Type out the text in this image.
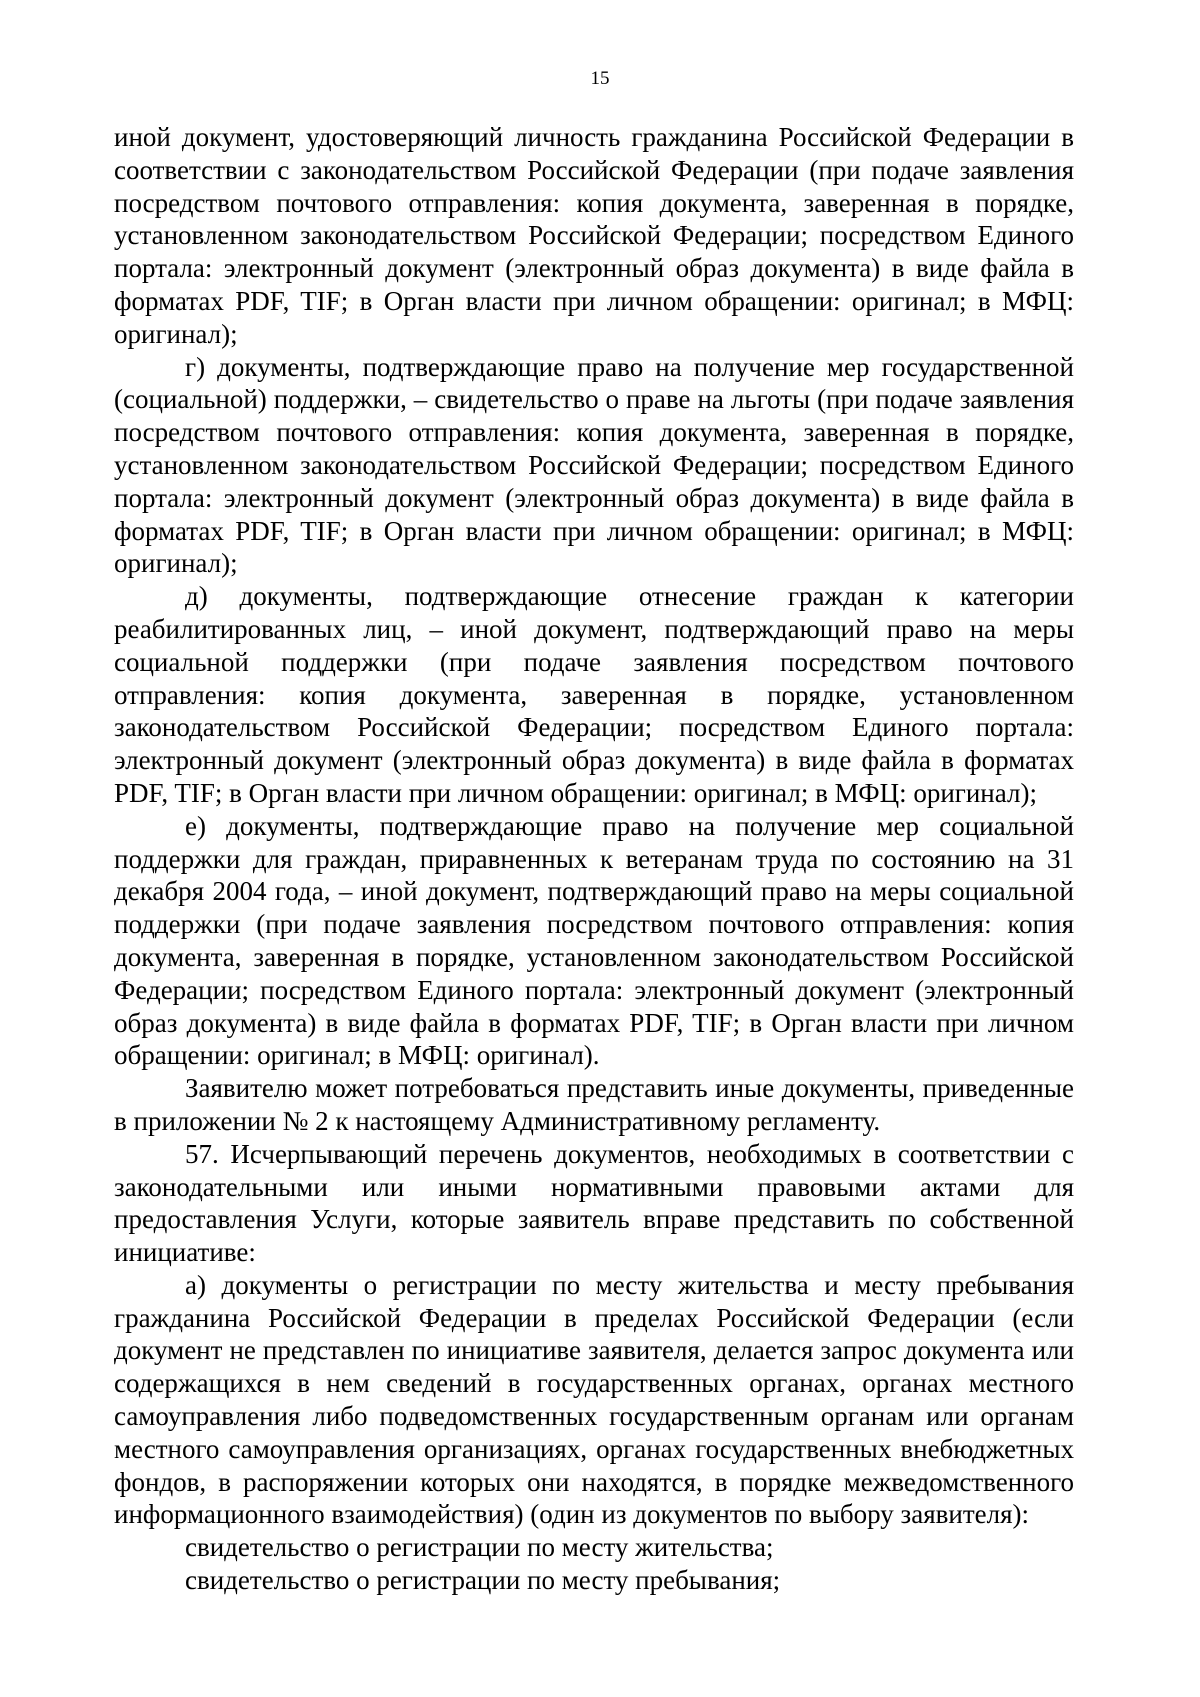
15

иной документ, удостоверяющий личность гражданина Российской Федерации в соответствии с законодательством Российской Федерации (при подаче заявления посредством почтового отправления: копия документа, заверенная в порядке, установленном законодательством Российской Федерации; посредством Единого портала: электронный документ (электронный образ документа) в виде файла в форматах PDF, TIF; в Орган власти при личном обращении: оригинал; в МФЦ: оригинал);

г) документы, подтверждающие право на получение мер государственной (социальной) поддержки, – свидетельство о праве на льготы (при подаче заявления посредством почтового отправления: копия документа, заверенная в порядке, установленном законодательством Российской Федерации; посредством Единого портала: электронный документ (электронный образ документа) в виде файла в форматах PDF, TIF; в Орган власти при личном обращении: оригинал; в МФЦ: оригинал);

д) документы, подтверждающие отнесение граждан к категории реабилитированных лиц, – иной документ, подтверждающий право на меры социальной поддержки (при подаче заявления посредством почтового отправления: копия документа, заверенная в порядке, установленном законодательством Российской Федерации; посредством Единого портала: электронный документ (электронный образ документа) в виде файла в форматах PDF, TIF; в Орган власти при личном обращении: оригинал; в МФЦ: оригинал);

е) документы, подтверждающие право на получение мер социальной поддержки для граждан, приравненных к ветеранам труда по состоянию на 31 декабря 2004 года, – иной документ, подтверждающий право на меры социальной поддержки (при подаче заявления посредством почтового отправления: копия документа, заверенная в порядке, установленном законодательством Российской Федерации; посредством Единого портала: электронный документ (электронный образ документа) в виде файла в форматах PDF, TIF; в Орган власти при личном обращении: оригинал; в МФЦ: оригинал).

Заявителю может потребоваться представить иные документы, приведенные в приложении № 2 к настоящему Административному регламенту.

57. Исчерпывающий перечень документов, необходимых в соответствии с законодательными или иными нормативными правовыми актами для предоставления Услуги, которые заявитель вправе представить по собственной инициативе:

а) документы о регистрации по месту жительства и месту пребывания гражданина Российской Федерации в пределах Российской Федерации (если документ не представлен по инициативе заявителя, делается запрос документа или содержащихся в нем сведений в государственных органах, органах местного самоуправления либо подведомственных государственным органам или органам местного самоуправления организациях, органах государственных внебюджетных фондов, в распоряжении которых они находятся, в порядке межведомственного информационного взаимодействия) (один из документов по выбору заявителя):

свидетельство о регистрации по месту жительства;

свидетельство о регистрации по месту пребывания;
